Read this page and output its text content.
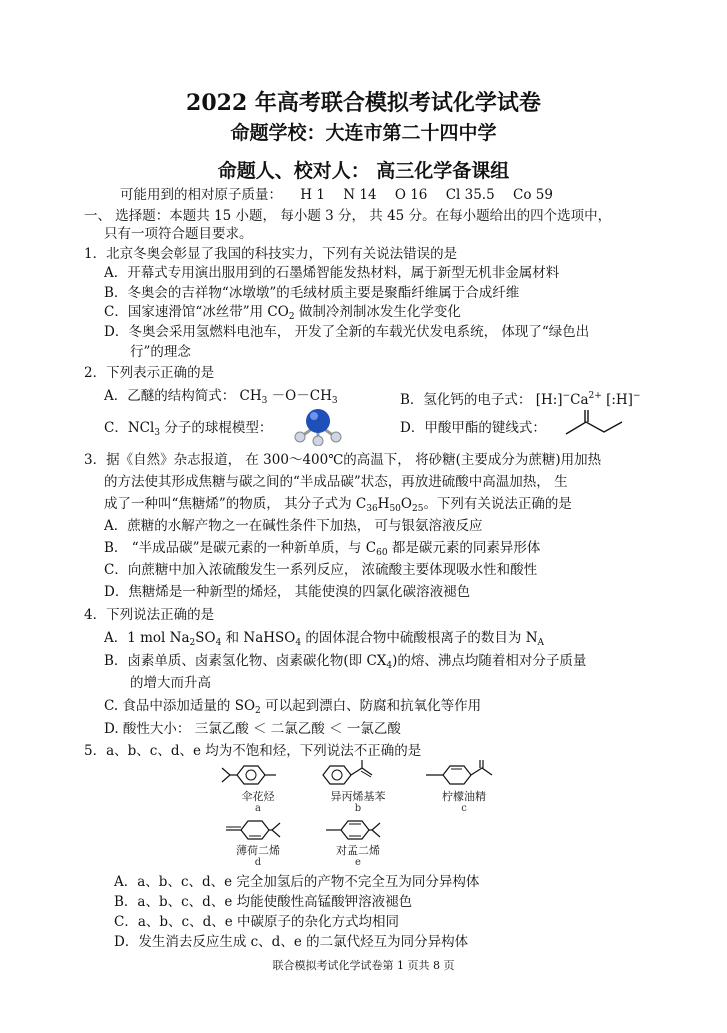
2022 年高考联合模拟考试化学试卷
命题学校：大连市第二十四中学
命题人、校对人： 高三化学备课组
可能用到的相对原子质量： H 1 N 14 O 16 Cl 35.5 Co 59
一、 选择题：本题共 15 小题， 每小题 3 分， 共 45 分。在每小题给出的四个选项中，
只有一项符合题目要求。
1．北京冬奥会彰显了我国的科技实力，下列有关说法错误的是
A．开幕式专用演出服用到的石墨烯智能发热材料，属于新型无机非金属材料
B．冬奥会的吉祥物“冰墩墩”的毛绒材质主要是聚酯纤维属于合成纤维
C．国家速滑馆“冰丝带”用 $CO_2$ 做制冷剂制冰发生化学变化
D．冬奥会采用氢燃料电池车， 开发了全新的车载光伏发电系统， 体现了“绿色出
行”的理念
2．下列表示正确的是
A．乙醚的结构简式： $CH_3 -O-CH_3$	B．氢化钙的电子式： $[H:]^-Ca^{2+}$ [:H]−
C．NCl$_3$ 分子的球棍模型：	D．甲酸甲酯的键线式：
3．据《自然》杂志报道， 在 300～400℃的高温下， 将砂糖(主要成分为蔗糖)用加热
的方法使其形成焦糖与碳之间的“半成品碳”状态，再放进硫酸中高温加热， 生
成了一种叫“焦糖烯”的物质， 其分子式为 $C_{36}H_{50}O_{25}$。下列有关说法正确的是
A．蔗糖的水解产物之一在碱性条件下加热， 可与银氨溶液反应
B． “半成品碳”是碳元素的一种新单质，与 $C_{60}$ 都是碳元素的同素异形体
C．向蔗糖中加入浓硫酸发生一系列反应， 浓硫酸主要体现吸水性和酸性
D．焦糖烯是一种新型的烯烃， 其能使溴的四氯化碳溶液褪色
4．下列说法正确的是
A．1 mol $Na_2SO_4$ 和 NaHSO$_4$ 的固体混合物中硫酸根离子的数目为 $N_A$
B．卤素单质、卤素氢化物、卤素碳化物(即 $CX_4$)的熔、沸点均随着相对分子质量
的增大而升高
C. 食品中添加适量的 $SO_2$ 可以起到漂白、防腐和抗氧化等作用
D. 酸性大小： 三氯乙酸 ＜ 二氯乙酸 ＜ 一氯乙酸
5．a、b、c、d、e 均为不饱和烃，下列说法不正确的是
伞花烃
a
异丙烯基苯
b
柠檬油精
c
薄荷二烯
d
对孟二烯
e
A．a、b、c、d、e 完全加氢后的产物不完全互为同分异构体
B．a、b、c、d、e 均能使酸性高锰酸钾溶液褪色
C．a、b、c、d、e 中碳原子的杂化方式均相同
D．发生消去反应生成 c、d、e 的二氯代烃互为同分异构体
联合模拟考试化学试卷第 1 页共 8 页
